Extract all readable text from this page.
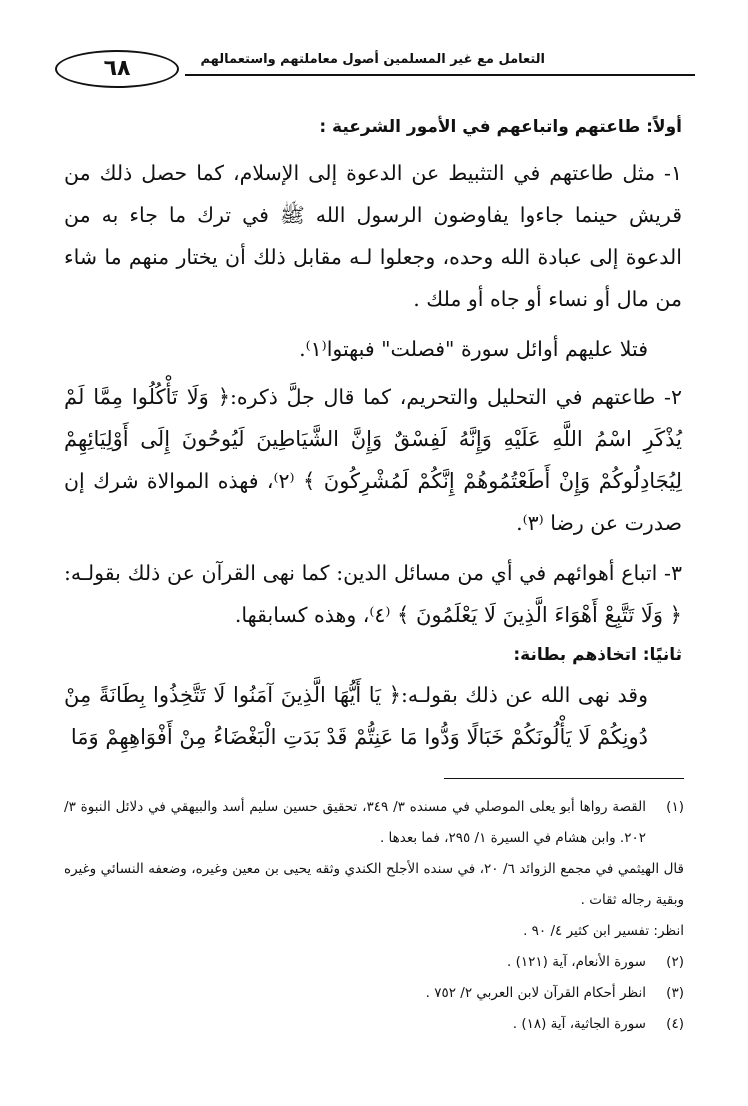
٦٨	التعامل مع غير المسلمين أصول معاملتهم واستعمالهم

أولاً: طاعتهم واتباعهم في الأمور الشرعية :

١- مثل طاعتهم في التثبيط عن الدعوة إلى الإسلام، كما حصل ذلك من قريش حينما جاءوا يفاوضون الرسول الله ﷺ في ترك ما جاء به من الدعوة إلى عبادة الله وحده، وجعلوا لـه مقابل ذلك أن يختار منهم ما شاء من مال أو نساء أو جاه أو ملك .

فتلا عليهم أوائل سورة "فصلت" فبهتوا⁽١⁾.

٢- طاعتهم في التحليل والتحريم، كما قال جلَّ ذكره:﴿ وَلَا تَأْكُلُوا مِمَّا لَمْ يُذْكَرِ اسْمُ اللَّهِ عَلَيْهِ وَإِنَّهُ لَفِسْقٌ وَإِنَّ الشَّيَاطِينَ لَيُوحُونَ إِلَى أَوْلِيَائِهِمْ لِيُجَادِلُوكُمْ وَإِنْ أَطَعْتُمُوهُمْ إِنَّكُمْ لَمُشْرِكُونَ ﴾ ⁽٢⁾، فهذه الموالاة شرك إن صدرت عن رضا ⁽٣⁾.

٣- اتباع أهوائهم في أي من مسائل الدين: كما نهى القرآن عن ذلك بقولـه:﴿ وَلَا تَتَّبِعْ أَهْوَاءَ الَّذِينَ لَا يَعْلَمُونَ ﴾ ⁽٤⁾، وهذه كسابقها.

ثانيًا: اتخاذهم بطانة:

وقد نهى الله عن ذلك بقولـه:﴿ يَا أَيُّهَا الَّذِينَ آمَنُوا لَا تَتَّخِذُوا بِطَانَةً مِنْ دُونِكُمْ لَا يَأْلُونَكُمْ خَبَالًا وَدُّوا مَا عَنِتُّمْ قَدْ بَدَتِ الْبَغْضَاءُ مِنْ أَفْوَاهِهِمْ وَمَا

(١)
القصة رواها أبو يعلى الموصلي في مسنده ٣/ ٣٤٩، تحقيق حسين سليم أسد والبيهقي في دلائل النبوة ٣/ ٢٠٢. وابن هشام في السيرة ١/ ٢٩٥، فما بعدها .
قال الهيثمي في مجمع الزوائد ٦/ ٢٠، في سنده الأجلح الكندي وثقه يحيى بن معين وغيره، وضعفه النسائي وغيره وبقية رجاله ثقات .
انظر: تفسير ابن كثير ٤/ ٩٠ .
(٢)
سورة الأنعام، آية (١٢١) .
(٣)
انظر أحكام القرآن لابن العربي ٢/ ٧٥٢ .
(٤)
سورة الجاثية، آية (١٨) .
